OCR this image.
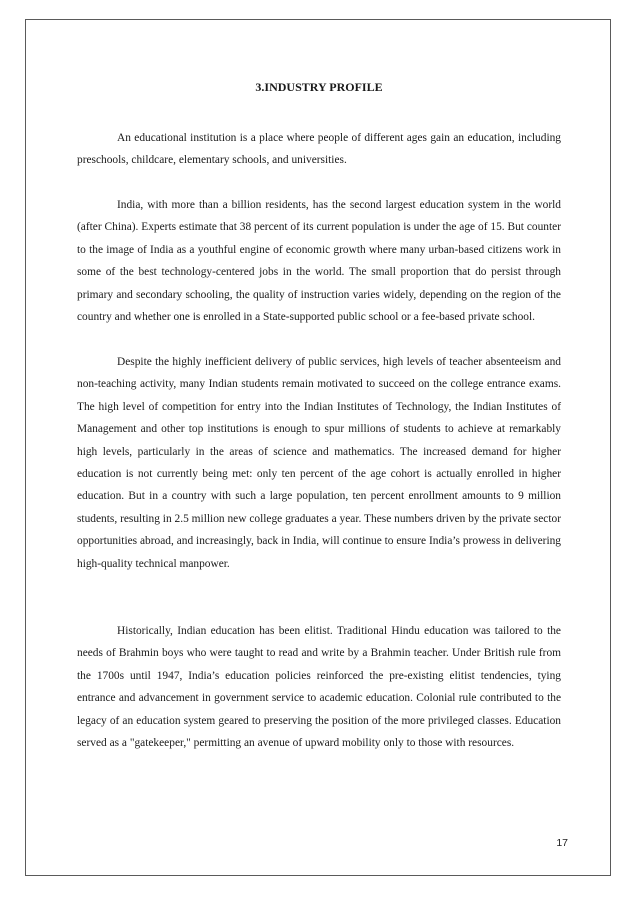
3.INDUSTRY PROFILE

An educational institution is a place where people of different ages gain an education, including preschools, childcare, elementary schools, and universities.

India, with more than a billion residents, has the second largest education system in the world (after China). Experts estimate that 38 percent of its current population is under the age of 15. But counter to the image of India as a youthful engine of economic growth where many urban-based citizens work in some of the best technology-centered jobs in the world. The small proportion that do persist through primary and secondary schooling, the quality of instruction varies widely, depending on the region of the country and whether one is enrolled in a State-supported public school or a fee-based private school.

Despite the highly inefficient delivery of public services, high levels of teacher absenteeism and non-teaching activity, many Indian students remain motivated to succeed on the college entrance exams. The high level of competition for entry into the Indian Institutes of Technology, the Indian Institutes of Management and other top institutions is enough to spur millions of students to achieve at remarkably high levels, particularly in the areas of science and mathematics. The increased demand for higher education is not currently being met: only ten percent of the age cohort is actually enrolled in higher education. But in a country with such a large population, ten percent enrollment amounts to 9 million students, resulting in 2.5 million new college graduates a year. These numbers driven by the private sector opportunities abroad, and increasingly, back in India, will continue to ensure India’s prowess in delivering high-quality technical manpower.

Historically, Indian education has been elitist. Traditional Hindu education was tailored to the needs of Brahmin boys who were taught to read and write by a Brahmin teacher. Under British rule from the 1700s until 1947, India’s education policies reinforced the pre-existing elitist tendencies, tying entrance and advancement in government service to academic education. Colonial rule contributed to the legacy of an education system geared to preserving the position of the more privileged classes. Education served as a "gatekeeper," permitting an avenue of upward mobility only to those with resources.

17
